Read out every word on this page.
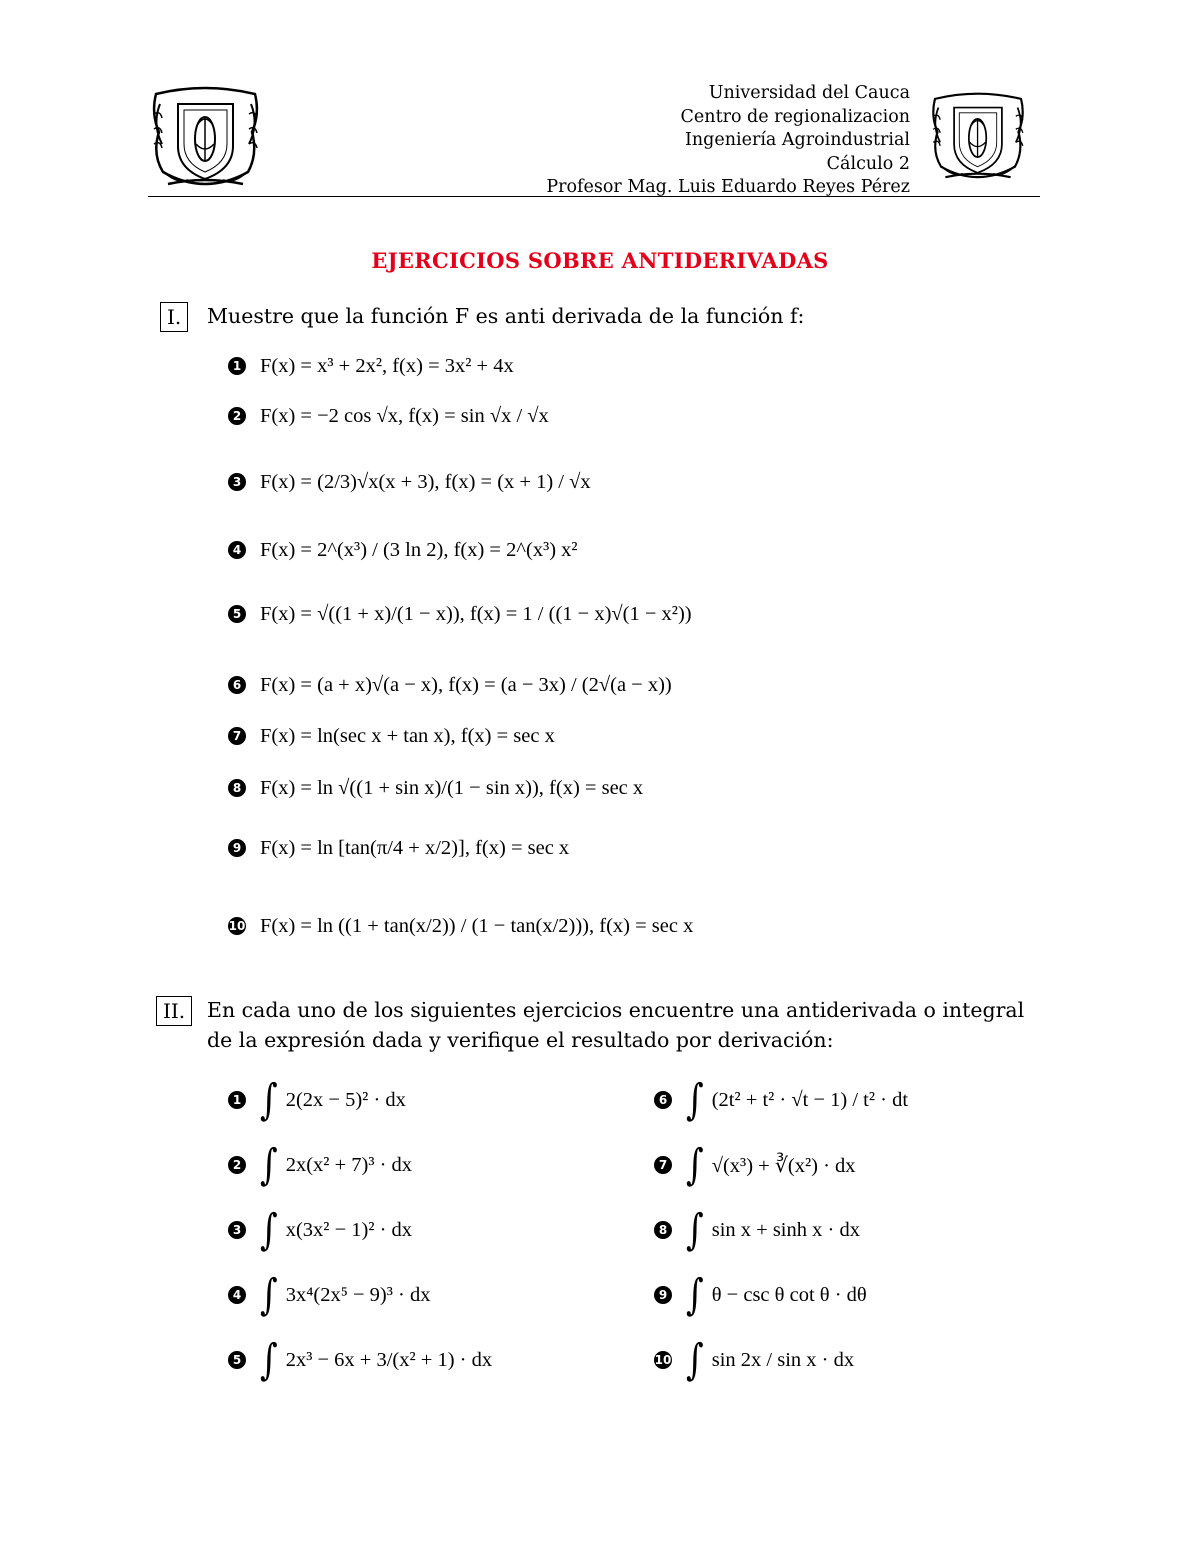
Universidad del Cauca
Centro de regionalizacion
Ingeniería Agroindustrial
Cálculo 2
Profesor Mag. Luis Eduardo Reyes Pérez
EJERCICIOS SOBRE ANTIDERIVADAS
I.	Muestre que la función F es anti derivada de la función f:
1 F(x) = x³ + 2x², f(x) = 3x² + 4x
2 F(x) = −2 cos √x, f(x) = sin √x / √x
3 F(x) = (2/3)√x(x + 3), f(x) = (x + 1) / √x
4 F(x) = 2^(x³) / (3 ln 2), f(x) = 2^(x³) x²
5 F(x) = √((1 + x)/(1 − x)), f(x) = 1 / ((1 − x)√(1 − x²))
6 F(x) = (a + x)√(a − x), f(x) = (a − 3x) / (2√(a − x))
7 F(x) = ln(sec x + tan x), f(x) = sec x
8 F(x) = ln √((1 + sin x)/(1 − sin x)), f(x) = sec x
9 F(x) = ln [tan(π/4 + x/2)], f(x) = sec x
10 F(x) = ln ((1 + tan(x/2)) / (1 − tan(x/2))), f(x) = sec x
II.	En cada uno de los siguientes ejercicios encuentre una antiderivada o integral
de la expresión dada y verifique el resultado por derivación:
1 ∫ 2(2x − 5)² · dx
2 ∫ 2x(x² + 7)³ · dx
3 ∫ x(3x² − 1)² · dx
4 ∫ 3x⁴(2x⁵ − 9)³ · dx
5 ∫ 2x³ − 6x + 3/(x² + 1) · dx
6 ∫ (2t² + t² · √t − 1) / t² · dt
7 ∫ √(x³) + ∛(x²) · dx
8 ∫ sin x + sinh x · dx
9 ∫ θ − csc θ cot θ · dθ
10 ∫ sin 2x / sin x · dx
